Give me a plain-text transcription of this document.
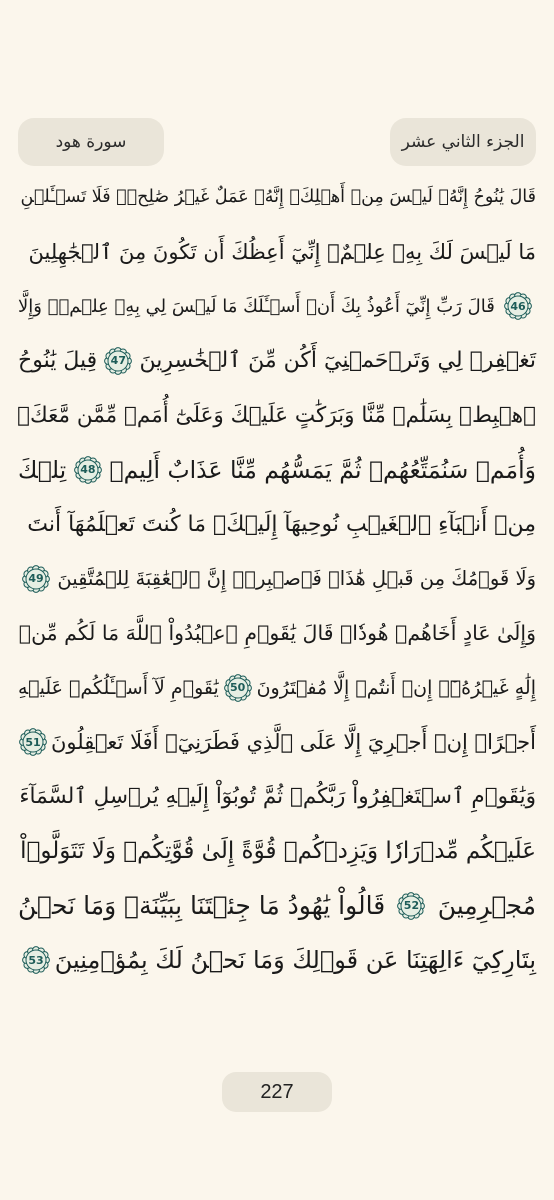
الجزء الثاني عشر
سورة هود
قَالَ يَٰنُوحُ إِنَّهُۥ لَيۡسَ مِنۡ أَهۡلِكَۖ إِنَّهُۥ عَمَلٌ غَيۡرُ صَٰلِحٖۖ فَلَا تَسۡـَٔلۡنِ
مَا لَيۡسَ لَكَ بِهِۦ عِلۡمٌۖ إِنِّيٓ أَعِظُكَ أَن تَكُونَ مِنَ ٱلۡجَٰهِلِينَ
46
قَالَ رَبِّ إِنِّيٓ أَعُوذُ بِكَ أَنۡ أَسۡـَٔلَكَ مَا لَيۡسَ لِي بِهِۦ عِلۡمٞۖ وَإِلَّا
تَغۡفِرۡ لِي وَتَرۡحَمۡنِيٓ أَكُن مِّنَ ٱلۡخَٰسِرِينَ
47
قِيلَ يَٰنُوحُ
ٱهۡبِطۡ بِسَلَٰمٖ مِّنَّا وَبَرَكَٰتٍ عَلَيۡكَ وَعَلَىٰٓ أُمَمٖ مِّمَّن مَّعَكَۚ
وَأُمَمٞ سَنُمَتِّعُهُمۡ ثُمَّ يَمَسُّهُم مِّنَّا عَذَابٌ أَلِيمٞ
48
تِلۡكَ
مِنۡ أَنۢبَآءِ ٱلۡغَيۡبِ نُوحِيهَآ إِلَيۡكَۖ مَا كُنتَ تَعۡلَمُهَآ أَنتَ
وَلَا قَوۡمُكَ مِن قَبۡلِ هَٰذَاۖ فَٱصۡبِرۡۖ إِنَّ ٱلۡعَٰقِبَةَ لِلۡمُتَّقِينَ
49
وَإِلَىٰ عَادٍ أَخَاهُمۡ هُودٗاۚ قَالَ يَٰقَوۡمِ ٱعۡبُدُواْ ٱللَّهَ مَا لَكُم مِّنۡ
إِلَٰهٍ غَيۡرُهُۥٓۖ إِنۡ أَنتُمۡ إِلَّا مُفۡتَرُونَ
50
يَٰقَوۡمِ لَآ أَسۡـَٔلُكُمۡ عَلَيۡهِ
أَجۡرًاۖ إِنۡ أَجۡرِيَ إِلَّا عَلَى ٱلَّذِي فَطَرَنِيٓۚ أَفَلَا تَعۡقِلُونَ
51
وَيَٰقَوۡمِ ٱسۡتَغۡفِرُواْ رَبَّكُمۡ ثُمَّ تُوبُوٓاْ إِلَيۡهِ يُرۡسِلِ ٱلسَّمَآءَ
عَلَيۡكُم مِّدۡرَارٗا وَيَزِدۡكُمۡ قُوَّةً إِلَىٰ قُوَّتِكُمۡ وَلَا تَتَوَلَّوۡاْ
مُجۡرِمِينَ
52
قَالُواْ يَٰهُودُ مَا جِئۡتَنَا بِبَيِّنَةٖ وَمَا نَحۡنُ
بِتَارِكِيٓ ءَالِهَتِنَا عَن قَوۡلِكَ وَمَا نَحۡنُ لَكَ بِمُؤۡمِنِينَ
53
227
